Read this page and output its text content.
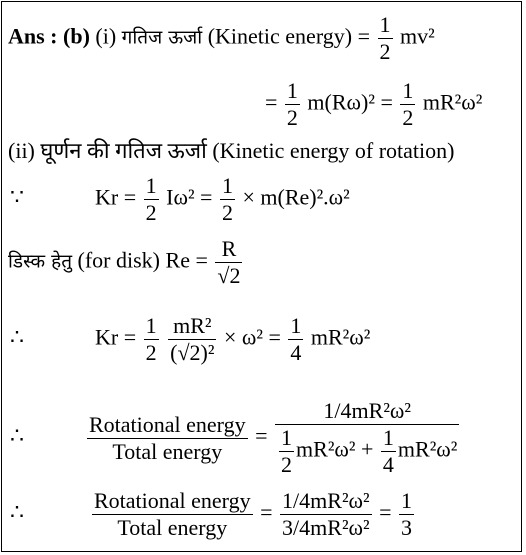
Ans : (b) (i) गतिज ऊर्जा (Kinetic energy) = $\frac{1}{2} mv^2$
= $\frac{1}{2} m(R\omega)^2 = \frac{1}{2} mR^2\omega^2$
(ii) घूर्णन की गतिज ऊर्जा (Kinetic energy of rotation)
∵	$Kr = \frac{1}{2} I\omega^2 = \frac{1}{2} \times m(Re)^2.\omega^2$
डिस्क हेतु (for disk) $Re = \frac{R}{√2}$
∴	$Kr = \frac{1}{2}$
$\frac{\text{mR²}}{\text{(√2)²}} \times \omega^2 = \frac{1}{4} mR^2\omega^2$
∴	$\frac{\text{Rotational energy}}{\text{Total energy}} = \frac{\text{1/4mR²ω²}}{\frac{1}{2} mR^2\omega^2 + \frac{1}{4} mR^2\omega^2}$
∴	$\frac{\text{Rotational energy}}{\text{Total energy}} = \frac{\text{1/4mR²ω²}}{\text{3/4mR²ω²}} = \frac{1}{3}$
